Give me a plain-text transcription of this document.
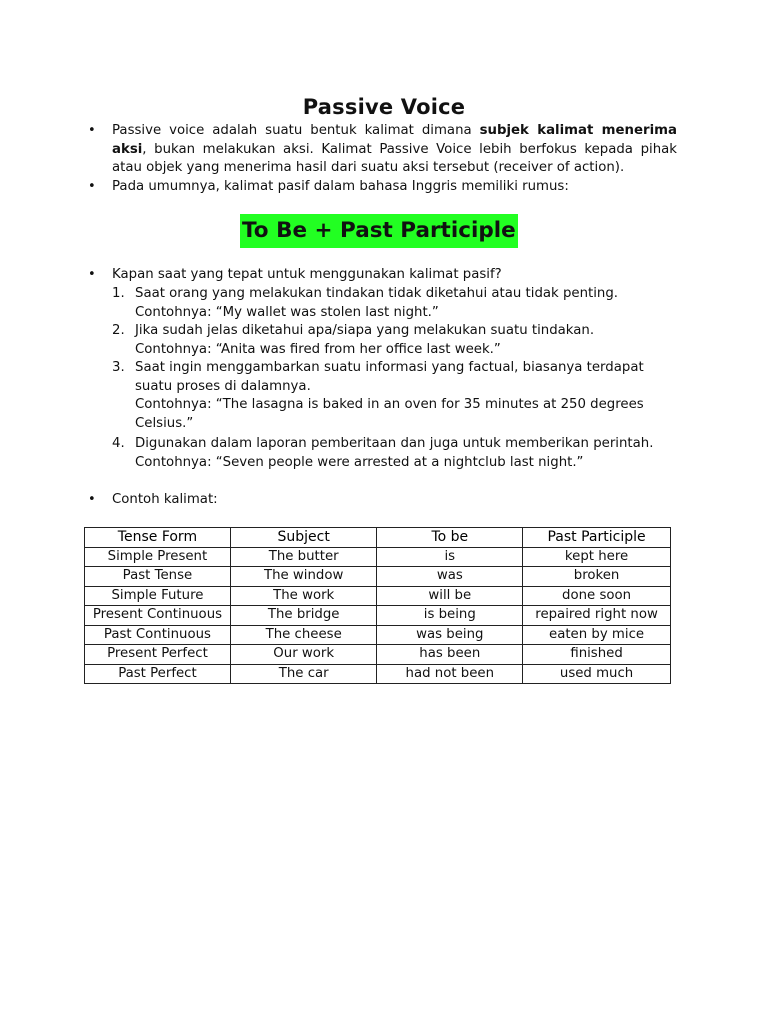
Passive Voice
• Passive voice adalah suatu bentuk kalimat dimana subjek kalimat menerima aksi, bukan melakukan aksi. Kalimat Passive Voice lebih berfokus kepada pihak atau objek yang menerima hasil dari suatu aksi tersebut (receiver of action).
• Pada umumnya, kalimat pasif dalam bahasa Inggris memiliki rumus:
To Be + Past Participle
• Kapan saat yang tepat untuk menggunakan kalimat pasif?
1. Saat orang yang melakukan tindakan tidak diketahui atau tidak penting.
Contohnya: “My wallet was stolen last night.”
2. Jika sudah jelas diketahui apa/siapa yang melakukan suatu tindakan.
Contohnya: “Anita was fired from her office last week.”
3. Saat ingin menggambarkan suatu informasi yang factual, biasanya terdapat suatu proses di dalamnya.
Contohnya: “The lasagna is baked in an oven for 35 minutes at 250 degrees Celsius.”
4. Digunakan dalam laporan pemberitaan dan juga untuk memberikan perintah.
Contohnya: “Seven people were arrested at a nightclub last night.”
• Contoh kalimat:
Tense Form	Subject	To be	Past Participle
Simple Present	The butter	is	kept here
Past Tense	The window	was	broken
Simple Future	The work	will be	done soon
Present Continuous	The bridge	is being	repaired right now
Past Continuous	The cheese	was being	eaten by mice
Present Perfect	Our work	has been	finished
Past Perfect	The car	had not been	used much
